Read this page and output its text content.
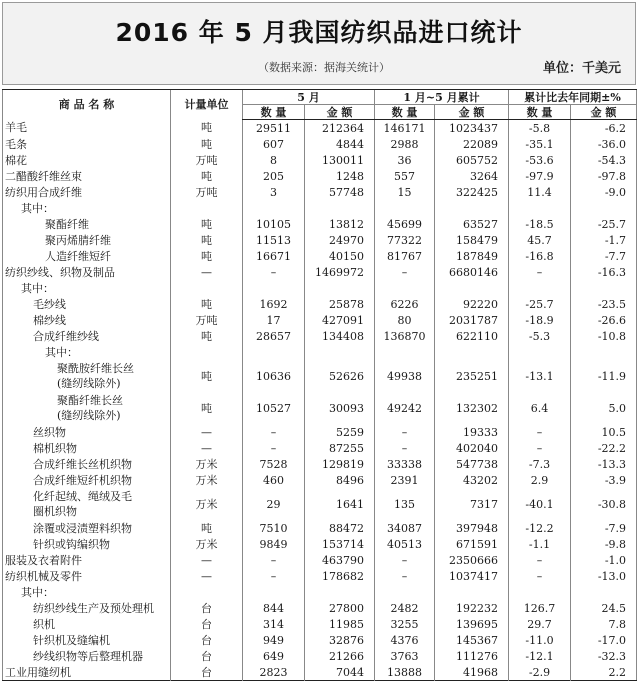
2016 年 5 月我国纺织品进口统计
（数据来源：据海关统计）	单位：千美元
商 品 名 称	计量单位	5 月		1 月~5 月累计		累计比去年同期±%	
		数 量	金 额	数 量	金 额	数 量	金 额
羊毛	吨	29511	212364	146171	1023437	-5.8	-6.2
毛条	吨	607	4844	2988	22089	-35.1	-36.0
棉花	万吨	8	130011	36	605752	-53.6	-54.3
二醋酸纤维丝束	吨	205	1248	557	3264	-97.9	-97.8
纺织用合成纤维	万吨	3	57748	15	322425	11.4	-9.0
其中：							
聚酯纤维	吨	10105	13812	45699	63527	-18.5	-25.7
聚丙烯腈纤维	吨	11513	24970	77322	158479	45.7	-1.7
人造纤维短纤	吨	16671	40150	81767	187849	-16.8	-7.7
纺织纱线、织物及制品	—	–	1469972	–	6680146	–	-16.3
其中：							
毛纱线	吨	1692	25878	6226	92220	-25.7	-23.5
棉纱线	万吨	17	427091	80	2031787	-18.9	-26.6
合成纤维纱线	吨	28657	134408	136870	622110	-5.3	-10.8
其中：							
聚酰胺纤维长丝
(缝纫线除外)	吨	10636	52626	49938	235251	-13.1	-11.9
聚酯纤维长丝
(缝纫线除外)	吨	10527	30093	49242	132302	6.4	5.0
丝织物	—	–	5259	–	19333	–	10.5
棉机织物	—	–	87255	–	402040	–	-22.2
合成纤维长丝机织物	万米	7528	129819	33338	547738	-7.3	-13.3
合成纤维短纤机织物	万米	460	8496	2391	43202	2.9	-3.9
化纤起绒、绳绒及毛
圈机织物	万米	29	1641	135	7317	-40.1	-30.8
涂覆或浸渍塑料织物	吨	7510	88472	34087	397948	-12.2	-7.9
针织或钩编织物	万米	9849	153714	40513	671591	-1.1	-9.8
服装及衣着附件	—	–	463790	–	2350666	–	-1.0
纺织机械及零件	—	–	178682	–	1037417	–	-13.0
其中：							
纺织纱线生产及预处理机	台	844	27800	2482	192232	126.7	24.5
织机	台	314	11985	3255	139695	29.7	7.8
针织机及缝编机	台	949	32876	4376	145367	-11.0	-17.0
纱线织物等后整理机器	台	649	21266	3763	111276	-12.1	-32.3
工业用缝纫机	台	2823	7044	13888	41968	-2.9	2.2
